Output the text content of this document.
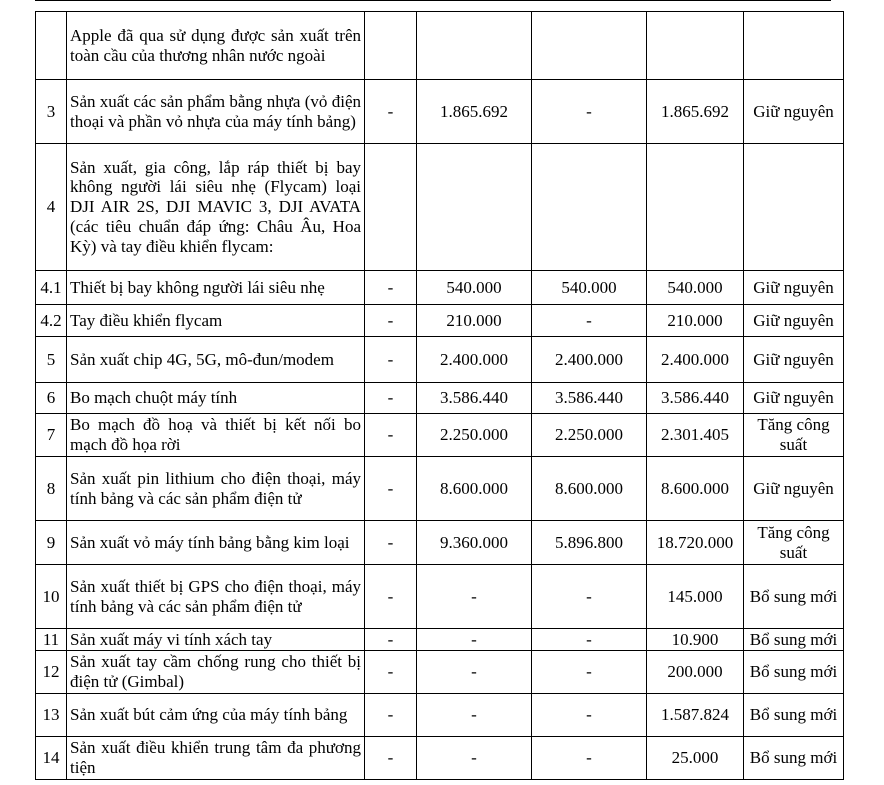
	Apple đã qua sử dụng được sản xuất trên toàn cầu của thương nhân nước ngoài					
3	Sản xuất các sản phẩm bằng nhựa (vỏ điện thoại và phần vỏ nhựa của máy tính bảng)	-	1.865.692	-	1.865.692	Giữ nguyên
4	Sản xuất, gia công, lắp ráp thiết bị bay không người lái siêu nhẹ (Flycam) loại DJI AIR 2S, DJI MAVIC 3, DJI AVATA (các tiêu chuẩn đáp ứng: Châu Âu, Hoa Kỳ) và tay điều khiển flycam:					
4.1	Thiết bị bay không người lái siêu nhẹ	-	540.000	540.000	540.000	Giữ nguyên
4.2	Tay điều khiển flycam	-	210.000	-	210.000	Giữ nguyên
5	Sản xuất chip 4G, 5G, mô-đun/modem	-	2.400.000	2.400.000	2.400.000	Giữ nguyên
6	Bo mạch chuột máy tính	-	3.586.440	3.586.440	3.586.440	Giữ nguyên
7	Bo mạch đồ hoạ và thiết bị kết nối bo mạch đồ họa rời	-	2.250.000	2.250.000	2.301.405	Tăng công suất
8	Sản xuất pin lithium cho điện thoại, máy tính bảng và các sản phẩm điện tử	-	8.600.000	8.600.000	8.600.000	Giữ nguyên
9	Sản xuất vỏ máy tính bảng bằng kim loại	-	9.360.000	5.896.800	18.720.000	Tăng công suất
10	Sản xuất thiết bị GPS cho điện thoại, máy tính bảng và các sản phẩm điện tử	-	-	-	145.000	Bổ sung mới
11	Sản xuất máy vi tính xách tay	-	-	-	10.900	Bổ sung mới
12	Sản xuất tay cầm chống rung cho thiết bị điện tử (Gimbal)	-	-	-	200.000	Bổ sung mới
13	Sản xuất bút cảm ứng của máy tính bảng	-	-	-	1.587.824	Bổ sung mới
14	Sản xuất điều khiển trung tâm đa phương tiện	-	-	-	25.000	Bổ sung mới
